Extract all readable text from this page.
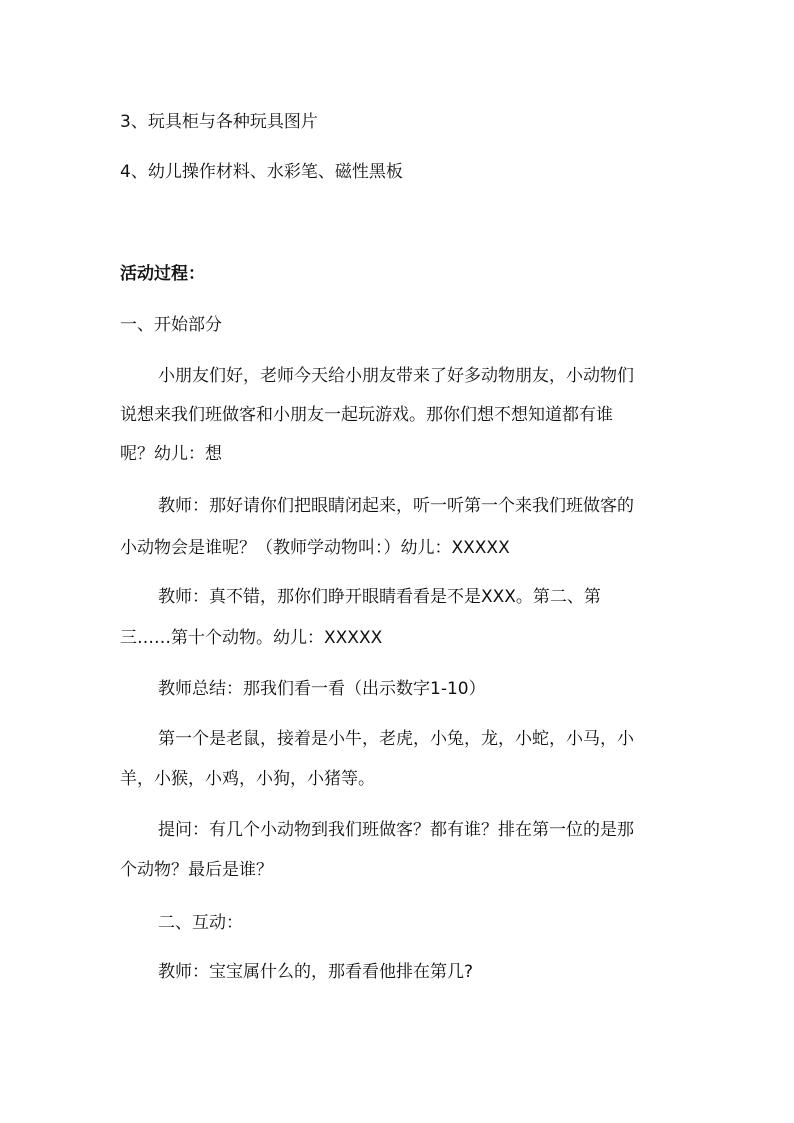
3、玩具柜与各种玩具图片
4、幼儿操作材料、水彩笔、磁性黑板
活动过程：
一、开始部分
小朋友们好，老师今天给小朋友带来了好多动物朋友，小动物们
说想来我们班做客和小朋友一起玩游戏。那你们想不想知道都有谁
呢？幼儿：想
教师：那好请你们把眼睛闭起来，听一听第一个来我们班做客的
小动物会是谁呢？（教师学动物叫：）幼儿：XXXXX
教师：真不错，那你们睁开眼睛看看是不是XXX。第二、第
三……第十个动物。幼儿：XXXXX
教师总结：那我们看一看（出示数字1-10）
第一个是老鼠，接着是小牛，老虎，小兔，龙，小蛇，小马，小
羊，小猴，小鸡，小狗，小猪等。
提问：有几个小动物到我们班做客？都有谁？排在第一位的是那
个动物？最后是谁？
二、互动：
教师：宝宝属什么的，那看看他排在第几?
